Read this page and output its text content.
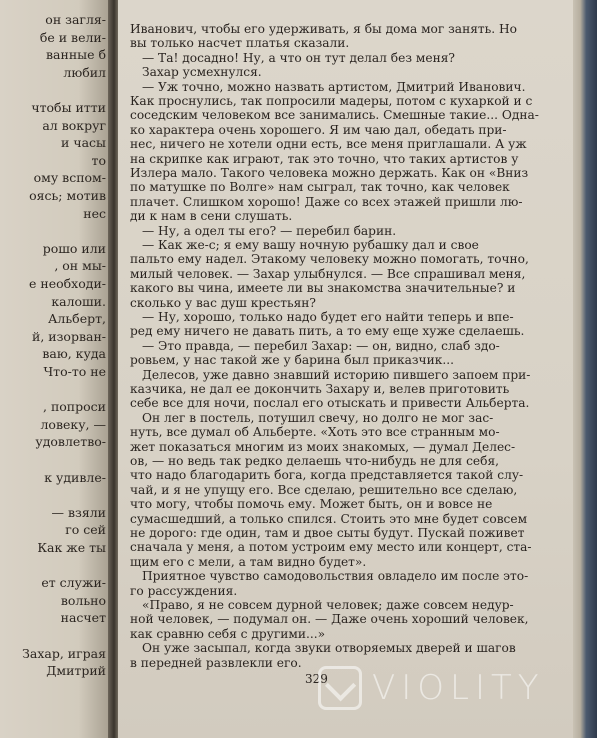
он загля-
бе и вели-
ванные б
любил
чтобы итти
ал вокруг
и часы
то
ому вспом-
оясь; мотив
нес
рошо или
, он мы-
е необходи-
калоши.
Альберт,
й, изорван-
ваю, куда
Что-то не
, попроси
ловеку, —
удовлетво-
к удивле-
— взяли
го сей
Как же ты
ет служи-
вольно
насчет
Захар, играя
Дмитрий
Иванович, чтобы его удерживать, я бы дома мог занять. Но
вы только насчет платья сказали.
— Та! досадно! Ну, а что он тут делал без меня?
Захар усмехнулся.
— Уж точно, можно назвать артистом, Дмитрий Иванович.
Как проснулись, так попросили мадеры, потом с кухаркой и с
соседским человеком все занимались. Смешные такие... Одна-
ко характера очень хорошего. Я им чаю дал, обедать при-
нес, ничего не хотели одни есть, все меня приглашали. А уж
на скрипке как играют, так это точно, что таких артистов у
Излера мало. Такого человека можно держать. Как он «Вниз
по матушке по Волге» нам сыграл, так точно, как человек
плачет. Слишком хорошо! Даже со всех этажей пришли лю-
ди к нам в сени слушать.
— Ну, а одел ты его? — перебил барин.
— Как же-с; я ему вашу ночную рубашку дал и свое
пальто ему надел. Этакому человеку можно помогать, точно,
милый человек. — Захар улыбнулся. — Все спрашивал меня,
какого вы чина, имеете ли вы знакомства значительные? и
сколько у вас душ крестьян?
— Ну, хорошо, только надо будет его найти теперь и впе-
ред ему ничего не давать пить, а то ему еще хуже сделаешь.
— Это правда, — перебил Захар: — он, видно, слаб здо-
ровьем, у нас такой же у барина был приказчик...
Делесов, уже давно знавший историю пившего запоем при-
казчика, не дал ее докончить Захару и, велев приготовить
себе все для ночи, послал его отыскать и привести Альберта.
Он лег в постель, потушил свечу, но долго не мог зас-
нуть, все думал об Альберте. «Хоть это все странным мо-
жет показаться многим из моих знакомых, — думал Делес-
ов, — но ведь так редко делаешь что-нибудь не для себя,
что надо благодарить бога, когда представляется такой слу-
чай, и я не упущу его. Все сделаю, решительно все сделаю,
что могу, чтобы помочь ему. Может быть, он и вовсе не
сумасшедший, а только спился. Стоить это мне будет совсем
не дорого: где один, там и двое сыты будут. Пускай поживет
сначала у меня, а потом устроим ему место или концерт, ста-
щим его с мели, а там видно будет».
Приятное чувство самодовольствия овладело им после это-
го рассуждения.
«Право, я не совсем дурной человек; даже совсем недур-
ной человек, — подумал он. — Даже очень хороший человек,
как сравню себя с другими...»
Он уже засыпал, когда звуки отворяемых дверей и шагов
в передней развлекли его.
329 VIOLITY
